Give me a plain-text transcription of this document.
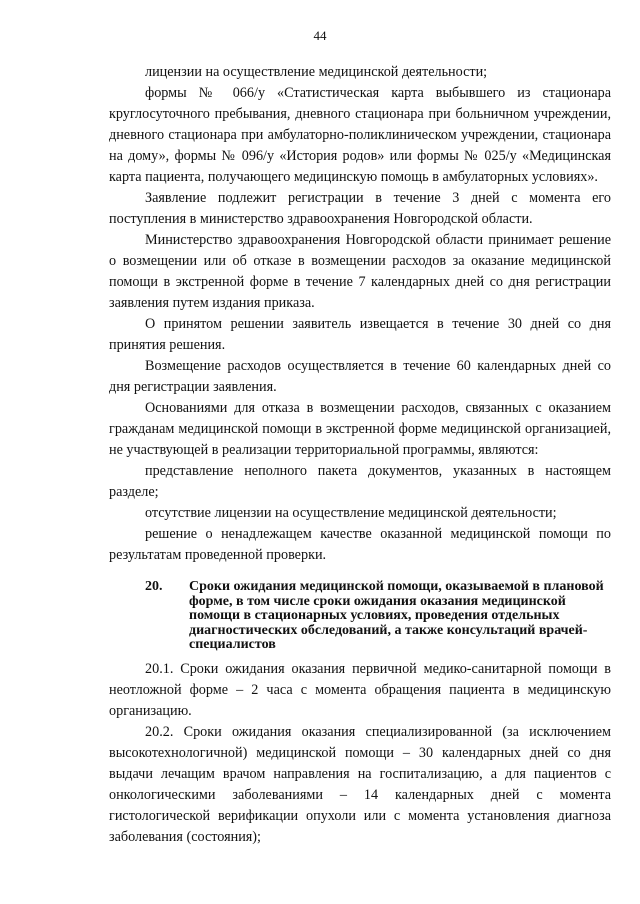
44

лицензии на осуществление медицинской деятельности;

формы № 066/у «Статистическая карта выбывшего из стационара круглосуточного пребывания, дневного стационара при больничном учреждении, дневного стационара при амбулаторно-поликлиническом учреждении, стационара на дому», формы № 096/у «История родов» или формы № 025/у «Медицинская карта пациента, получающего медицинскую помощь в амбулаторных условиях».

Заявление подлежит регистрации в течение 3 дней с момента его поступления в министерство здравоохранения Новгородской области.

Министерство здравоохранения Новгородской области принимает решение о возмещении или об отказе в возмещении расходов за оказание медицинской помощи в экстренной форме в течение 7 календарных дней со дня регистрации заявления путем издания приказа.

О принятом решении заявитель извещается в течение 30 дней со дня принятия решения.

Возмещение расходов осуществляется в течение 60 календарных дней со дня регистрации заявления.

Основаниями для отказа в возмещении расходов, связанных с оказанием гражданам медицинской помощи в экстренной форме медицинской организацией, не участвующей в реализации территориальной программы, являются:

представление неполного пакета документов, указанных в настоящем разделе;

отсутствие лицензии на осуществление медицинской деятельности;

решение о ненадлежащем качестве оказанной медицинской помощи по результатам проведенной проверки.

20.	Сроки ожидания медицинской помощи, оказываемой в плановой форме, в том числе сроки ожидания оказания медицинской помощи в стационарных условиях, проведения отдельных диагностических обследований, а также консультаций врачей-специалистов

20.1. Сроки ожидания оказания первичной медико-санитарной помощи в неотложной форме – 2 часа с момента обращения пациента в медицинскую организацию.

20.2. Сроки ожидания оказания специализированной (за исключением высокотехнологичной) медицинской помощи – 30 календарных дней со дня выдачи лечащим врачом направления на госпитализацию, а для пациентов с онкологическими заболеваниями – 14 календарных дней с момента гистологической верификации опухоли или с момента установления диагноза заболевания (состояния);
